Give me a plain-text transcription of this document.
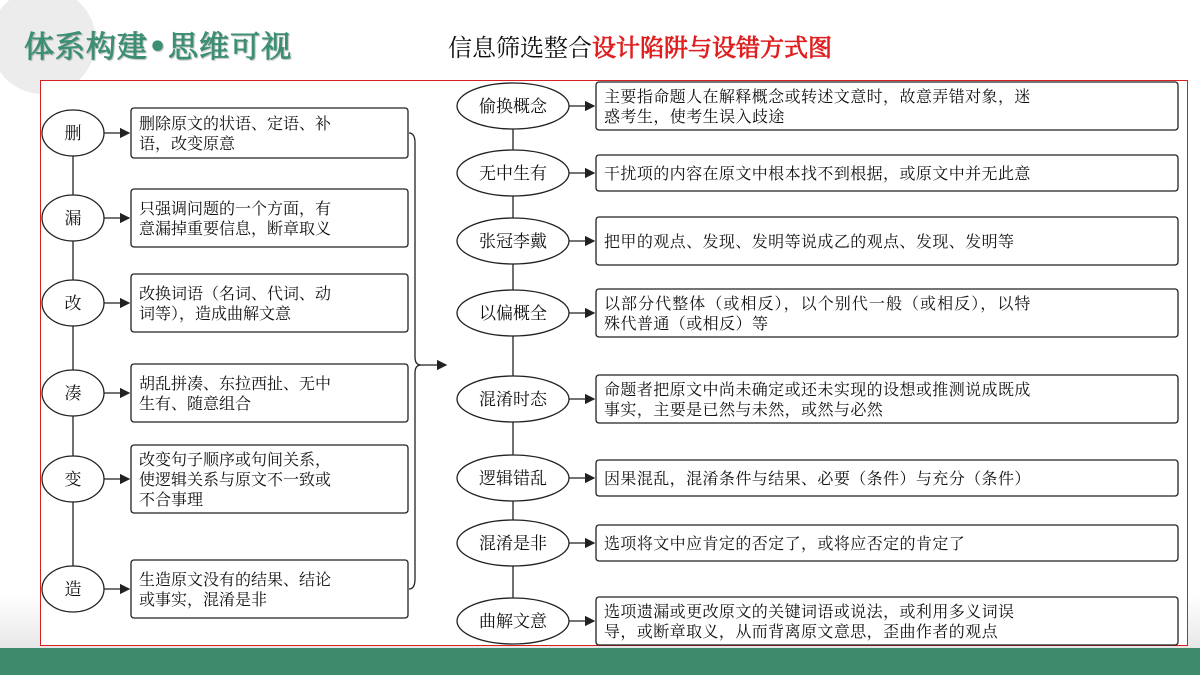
体系构建•思维可视	信息筛选整合设计陷阱与设错方式图
删
删除原文的状语、定语、补
语，改变原意
漏
只强调问题的一个方面，有
意漏掉重要信息，断章取义
改
改换词语（名词、代词、动
词等），造成曲解文意
凑
胡乱拼凑、东拉西扯、无中
生有、随意组合
变
改变句子顺序或句间关系，
使逻辑关系与原文不一致或
不合事理
造
生造原文没有的结果、结论
或事实，混淆是非
偷换概念
主要指命题人在解释概念或转述文意时，故意弄错对象，迷
惑考生，使考生误入歧途
无中生有	干扰项的内容在原文中根本找不到根据，或原文中并无此意
张冠李戴	把甲的观点、发现、发明等说成乙的观点、发现、发明等
以偏概全
以部分代整体（或相反），以个别代一般（或相反），以特
殊代普通（或相反）等
混淆时态
命题者把原文中尚未确定或还未实现的设想或推测说成既成
事实，主要是已然与未然，或然与必然
逻辑错乱	因果混乱，混淆条件与结果、必要（条件）与充分（条件）
混淆是非	选项将文中应肯定的否定了，或将应否定的肯定了
曲解文意
选项遗漏或更改原文的关键词语或说法，或利用多义词误
导，或断章取义，从而背离原文意思，歪曲作者的观点
